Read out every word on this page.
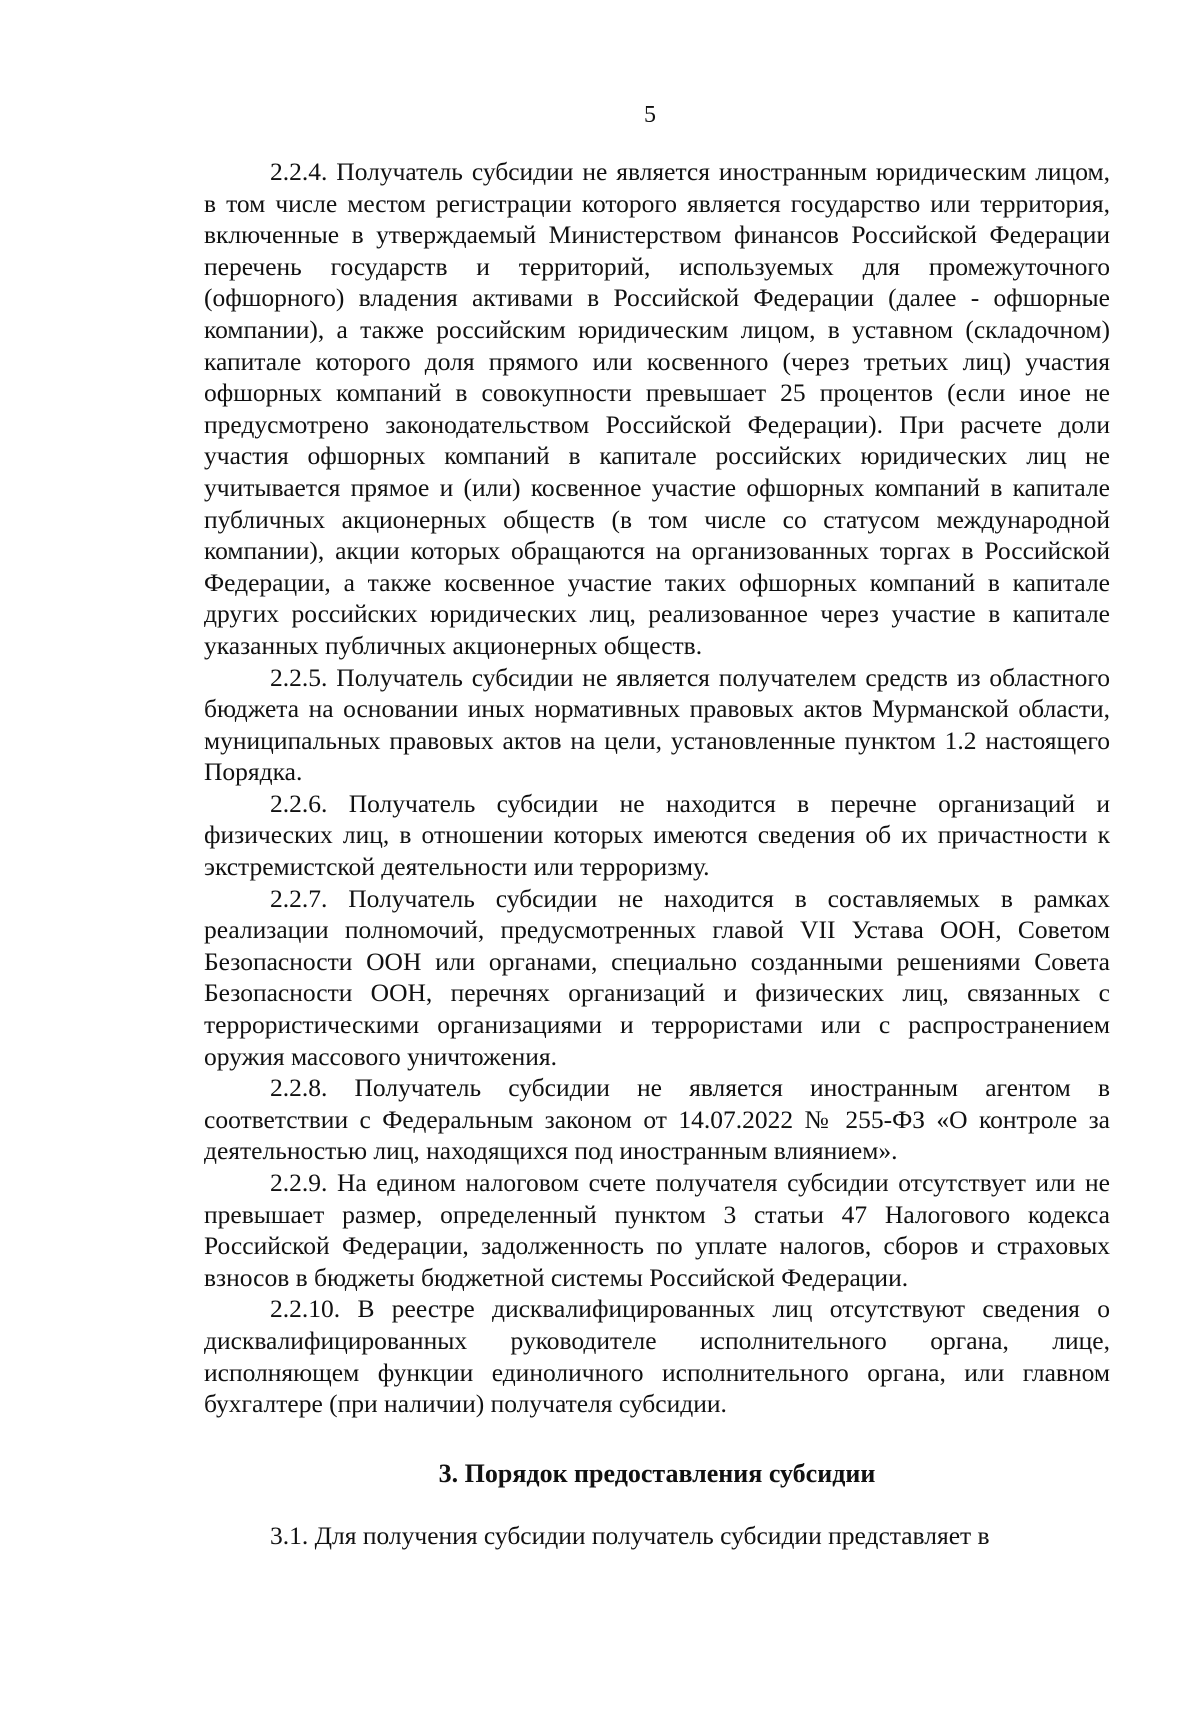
5

2.2.4. Получатель субсидии не является иностранным юридическим лицом, в том числе местом регистрации которого является государство или территория, включенные в утверждаемый Министерством финансов Российской Федерации перечень государств и территорий, используемых для промежуточного (офшорного) владения активами в Российской Федерации (далее - офшорные компании), а также российским юридическим лицом, в уставном (складочном) капитале которого доля прямого или косвенного (через третьих лиц) участия офшорных компаний в совокупности превышает 25 процентов (если иное не предусмотрено законодательством Российской Федерации). При расчете доли участия офшорных компаний в капитале российских юридических лиц не учитывается прямое и (или) косвенное участие офшорных компаний в капитале публичных акционерных обществ (в том числе со статусом международной компании), акции которых обращаются на организованных торгах в Российской Федерации, а также косвенное участие таких офшорных компаний в капитале других российских юридических лиц, реализованное через участие в капитале указанных публичных акционерных обществ.

2.2.5. Получатель субсидии не является получателем средств из областного бюджета на основании иных нормативных правовых актов Мурманской области, муниципальных правовых актов на цели, установленные пунктом 1.2 настоящего Порядка.

2.2.6. Получатель субсидии не находится в перечне организаций и физических лиц, в отношении которых имеются сведения об их причастности к экстремистской деятельности или терроризму.

2.2.7. Получатель субсидии не находится в составляемых в рамках реализации полномочий, предусмотренных главой VII Устава ООН, Советом Безопасности ООН или органами, специально созданными решениями Совета Безопасности ООН, перечнях организаций и физических лиц, связанных с террористическими организациями и террористами или с распространением оружия массового уничтожения.

2.2.8. Получатель субсидии не является иностранным агентом в соответствии с Федеральным законом от 14.07.2022 № 255-ФЗ «О контроле за деятельностью лиц, находящихся под иностранным влиянием».

2.2.9. На едином налоговом счете получателя субсидии отсутствует или не превышает размер, определенный пунктом 3 статьи 47 Налогового кодекса Российской Федерации, задолженность по уплате налогов, сборов и страховых взносов в бюджеты бюджетной системы Российской Федерации.

2.2.10. В реестре дисквалифицированных лиц отсутствуют сведения о дисквалифицированных руководителе исполнительного органа, лице, исполняющем функции единоличного исполнительного органа, или главном бухгалтере (при наличии) получателя субсидии.

3. Порядок предоставления субсидии

3.1. Для получения субсидии получатель субсидии представляет в
